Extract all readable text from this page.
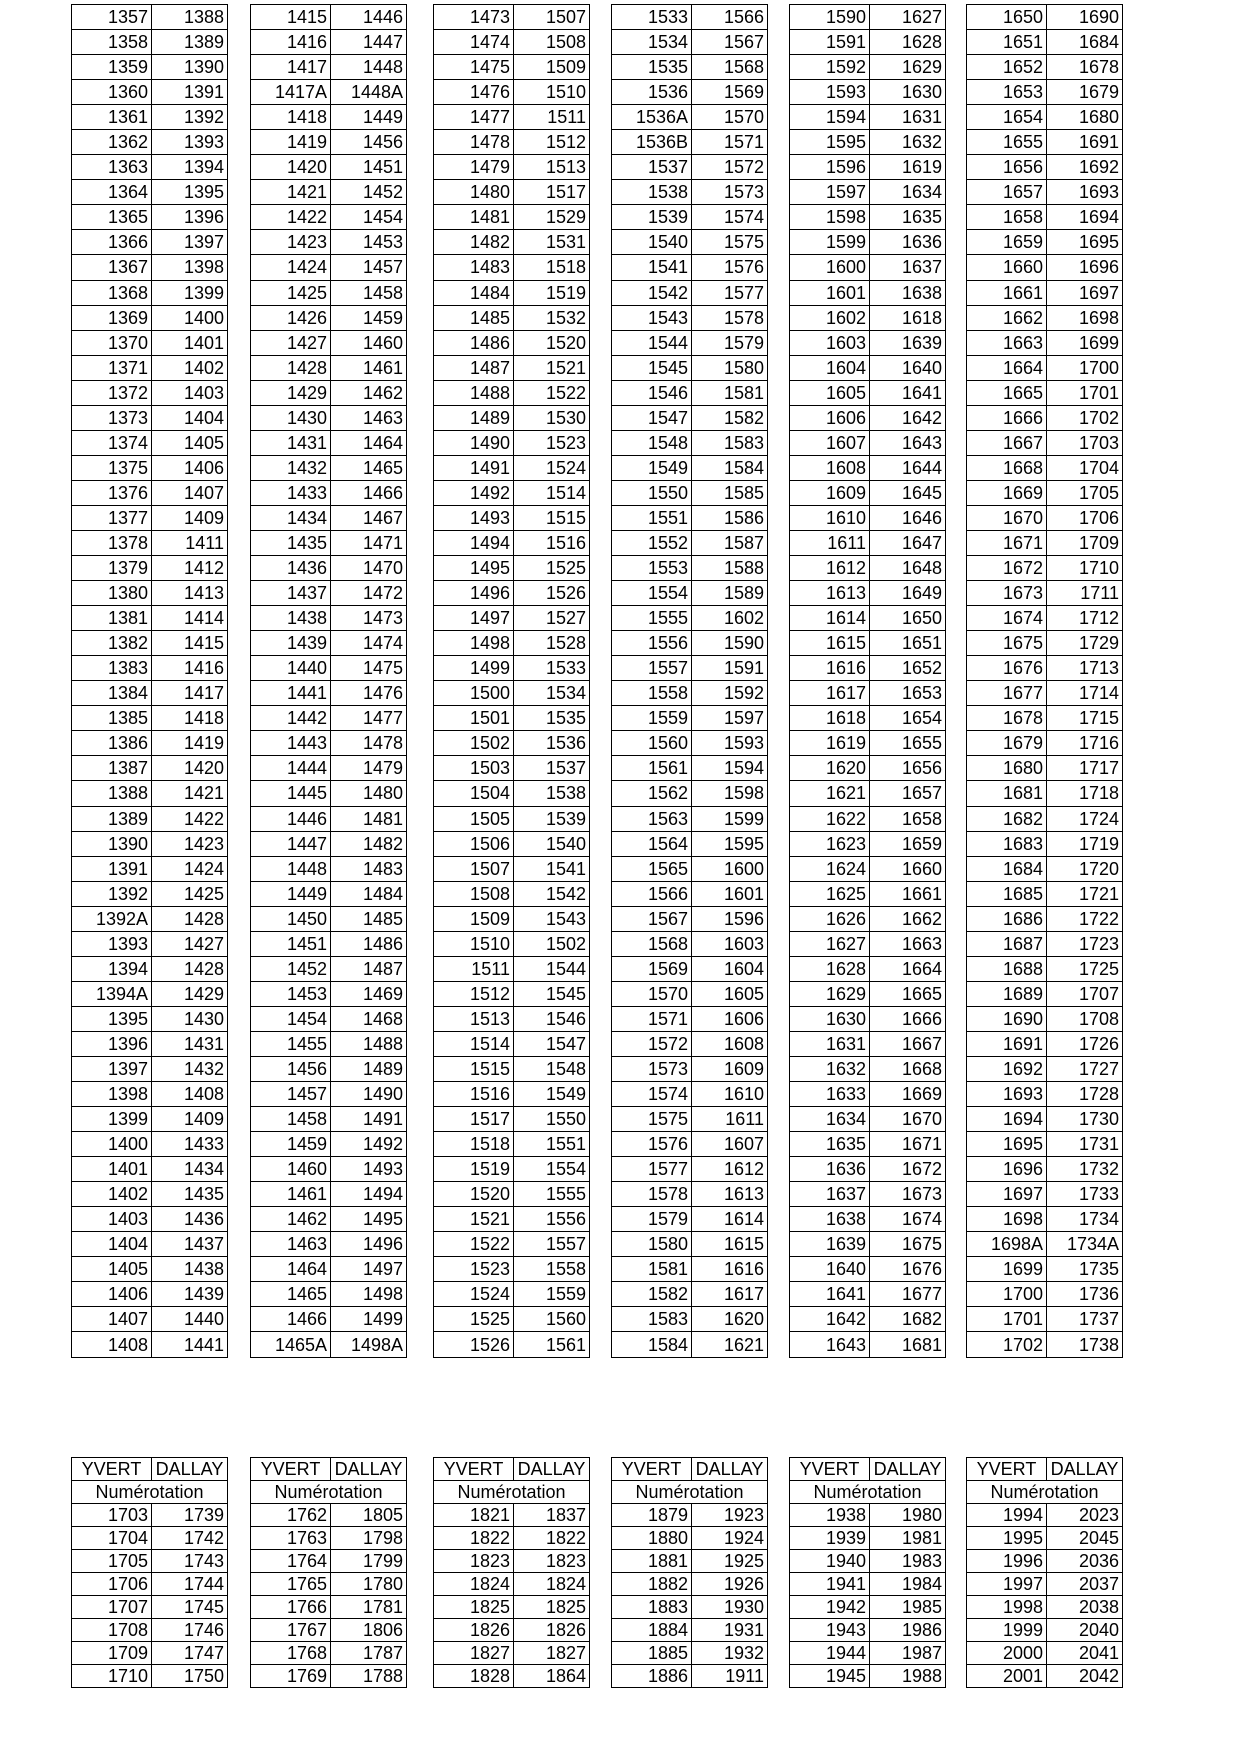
1357	1388
1358	1389
1359	1390
1360	1391
1361	1392
1362	1393
1363	1394
1364	1395
1365	1396
1366	1397
1367	1398
1368	1399
1369	1400
1370	1401
1371	1402
1372	1403
1373	1404
1374	1405
1375	1406
1376	1407
1377	1409
1378	1411
1379	1412
1380	1413
1381	1414
1382	1415
1383	1416
1384	1417
1385	1418
1386	1419
1387	1420
1388	1421
1389	1422
1390	1423
1391	1424
1392	1425
1392A	1428
1393	1427
1394	1428
1394A	1429
1395	1430
1396	1431
1397	1432
1398	1408
1399	1409
1400	1433
1401	1434
1402	1435
1403	1436
1404	1437
1405	1438
1406	1439
1407	1440
1408	1441
1415	1446
1416	1447
1417	1448
1417A	1448A
1418	1449
1419	1456
1420	1451
1421	1452
1422	1454
1423	1453
1424	1457
1425	1458
1426	1459
1427	1460
1428	1461
1429	1462
1430	1463
1431	1464
1432	1465
1433	1466
1434	1467
1435	1471
1436	1470
1437	1472
1438	1473
1439	1474
1440	1475
1441	1476
1442	1477
1443	1478
1444	1479
1445	1480
1446	1481
1447	1482
1448	1483
1449	1484
1450	1485
1451	1486
1452	1487
1453	1469
1454	1468
1455	1488
1456	1489
1457	1490
1458	1491
1459	1492
1460	1493
1461	1494
1462	1495
1463	1496
1464	1497
1465	1498
1466	1499
1465A	1498A
1473	1507
1474	1508
1475	1509
1476	1510
1477	1511
1478	1512
1479	1513
1480	1517
1481	1529
1482	1531
1483	1518
1484	1519
1485	1532
1486	1520
1487	1521
1488	1522
1489	1530
1490	1523
1491	1524
1492	1514
1493	1515
1494	1516
1495	1525
1496	1526
1497	1527
1498	1528
1499	1533
1500	1534
1501	1535
1502	1536
1503	1537
1504	1538
1505	1539
1506	1540
1507	1541
1508	1542
1509	1543
1510	1502
1511	1544
1512	1545
1513	1546
1514	1547
1515	1548
1516	1549
1517	1550
1518	1551
1519	1554
1520	1555
1521	1556
1522	1557
1523	1558
1524	1559
1525	1560
1526	1561
1533	1566
1534	1567
1535	1568
1536	1569
1536A	1570
1536B	1571
1537	1572
1538	1573
1539	1574
1540	1575
1541	1576
1542	1577
1543	1578
1544	1579
1545	1580
1546	1581
1547	1582
1548	1583
1549	1584
1550	1585
1551	1586
1552	1587
1553	1588
1554	1589
1555	1602
1556	1590
1557	1591
1558	1592
1559	1597
1560	1593
1561	1594
1562	1598
1563	1599
1564	1595
1565	1600
1566	1601
1567	1596
1568	1603
1569	1604
1570	1605
1571	1606
1572	1608
1573	1609
1574	1610
1575	1611
1576	1607
1577	1612
1578	1613
1579	1614
1580	1615
1581	1616
1582	1617
1583	1620
1584	1621
1590	1627
1591	1628
1592	1629
1593	1630
1594	1631
1595	1632
1596	1619
1597	1634
1598	1635
1599	1636
1600	1637
1601	1638
1602	1618
1603	1639
1604	1640
1605	1641
1606	1642
1607	1643
1608	1644
1609	1645
1610	1646
1611	1647
1612	1648
1613	1649
1614	1650
1615	1651
1616	1652
1617	1653
1618	1654
1619	1655
1620	1656
1621	1657
1622	1658
1623	1659
1624	1660
1625	1661
1626	1662
1627	1663
1628	1664
1629	1665
1630	1666
1631	1667
1632	1668
1633	1669
1634	1670
1635	1671
1636	1672
1637	1673
1638	1674
1639	1675
1640	1676
1641	1677
1642	1682
1643	1681
1650	1690
1651	1684
1652	1678
1653	1679
1654	1680
1655	1691
1656	1692
1657	1693
1658	1694
1659	1695
1660	1696
1661	1697
1662	1698
1663	1699
1664	1700
1665	1701
1666	1702
1667	1703
1668	1704
1669	1705
1670	1706
1671	1709
1672	1710
1673	1711
1674	1712
1675	1729
1676	1713
1677	1714
1678	1715
1679	1716
1680	1717
1681	1718
1682	1724
1683	1719
1684	1720
1685	1721
1686	1722
1687	1723
1688	1725
1689	1707
1690	1708
1691	1726
1692	1727
1693	1728
1694	1730
1695	1731
1696	1732
1697	1733
1698	1734
1698A	1734A
1699	1735
1700	1736
1701	1737
1702	1738
YVERT	DALLAY
Numérotation	
1703	1739
1704	1742
1705	1743
1706	1744
1707	1745
1708	1746
1709	1747
1710	1750
YVERT	DALLAY
Numérotation	
1762	1805
1763	1798
1764	1799
1765	1780
1766	1781
1767	1806
1768	1787
1769	1788
YVERT	DALLAY
Numérotation	
1821	1837
1822	1822
1823	1823
1824	1824
1825	1825
1826	1826
1827	1827
1828	1864
YVERT	DALLAY
Numérotation	
1879	1923
1880	1924
1881	1925
1882	1926
1883	1930
1884	1931
1885	1932
1886	1911
YVERT	DALLAY
Numérotation	
1938	1980
1939	1981
1940	1983
1941	1984
1942	1985
1943	1986
1944	1987
1945	1988
YVERT	DALLAY
Numérotation	
1994	2023
1995	2045
1996	2036
1997	2037
1998	2038
1999	2040
2000	2041
2001	2042
